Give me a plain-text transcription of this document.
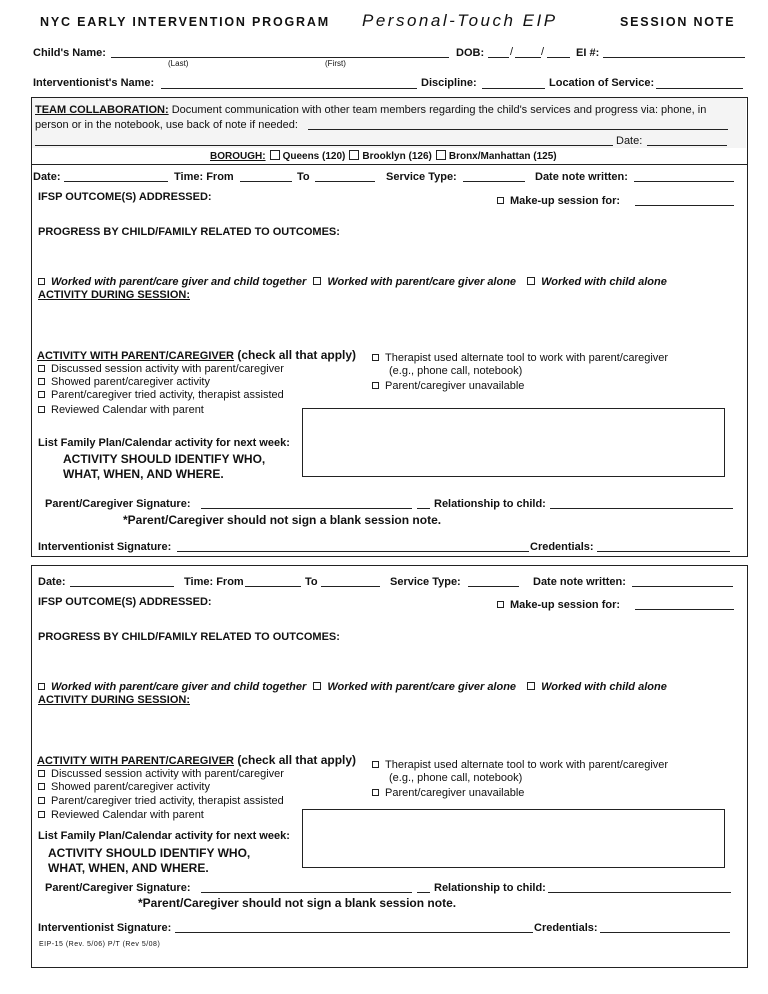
NYC EARLY INTERVENTION PROGRAM Personal-Touch EIP	SESSION NOTE
Child's Name:
(Last)	(First)
DOB: /	/	EI #:
Interventionist's Name:	Discipline:	Location of Service:
TEAM COLLABORATION: Document communication with other team members regarding the child's services and progress via: phone, in
person or in the notebook, use back of note if needed:
Date:
BOROUGH: Queens (120) Brooklyn (126) Bronx/Manhattan (125)
Date:	Time: From	To	Service Type:	Date note written:
IFSP OUTCOME(S) ADDRESSED:	Make-up session for:
PROGRESS BY CHILD/FAMILY RELATED TO OUTCOMES:
Worked with parent/care giver and child together Worked with parent/care giver alone Worked with child alone
ACTIVITY DURING SESSION:
ACTIVITY WITH PARENT/CAREGIVER (check all that apply)
Discussed session activity with parent/caregiver
Showed parent/caregiver activity
Parent/caregiver tried activity, therapist assisted
Reviewed Calendar with parent
Therapist used alternate tool to work with parent/caregiver
(e.g., phone call, notebook)
Parent/caregiver unavailable
List Family Plan/Calendar activity for next week:
ACTIVITY SHOULD IDENTIFY WHO,
WHAT, WHEN, AND WHERE.
Parent/Caregiver Signature:	Relationship to child:
*Parent/Caregiver should not sign a blank session note.
Interventionist Signature:	Credentials:
Date:	Time: From	To	Service Type:	Date note written:
IFSP OUTCOME(S) ADDRESSED:	Make-up session for:
PROGRESS BY CHILD/FAMILY RELATED TO OUTCOMES:
Worked with parent/care giver and child together Worked with parent/care giver alone Worked with child alone
ACTIVITY DURING SESSION:
ACTIVITY WITH PARENT/CAREGIVER (check all that apply)
Discussed session activity with parent/caregiver
Showed parent/caregiver activity
Parent/caregiver tried activity, therapist assisted
Reviewed Calendar with parent
Therapist used alternate tool to work with parent/caregiver
(e.g., phone call, notebook)
Parent/caregiver unavailable
List Family Plan/Calendar activity for next week:
ACTIVITY SHOULD IDENTIFY WHO,
WHAT, WHEN, AND WHERE.
Parent/Caregiver Signature:	Relationship to child:
*Parent/Caregiver should not sign a blank session note.
Interventionist Signature:	Credentials:
EIP-15 (Rev. 5/06) P/T (Rev 5/08)
